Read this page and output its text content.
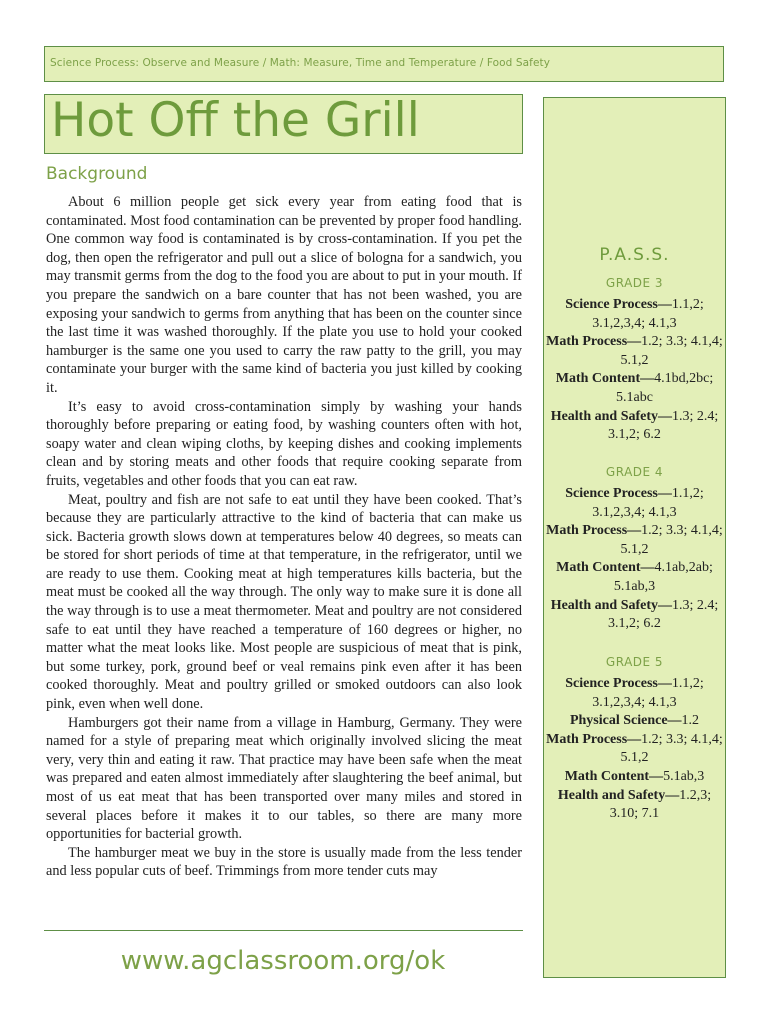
Science Process: Observe and Measure / Math: Measure, Time and Temperature / Food Safety
Hot Off the Grill
Background

About 6 million people get sick every year from eating food that is contaminated. Most food contamination can be prevented by proper food handling. One common way food is contaminated is by cross-contamination. If you pet the dog, then open the refrigerator and pull out a slice of bologna for a sandwich, you may transmit germs from the dog to the food you are about to put in your mouth. If you prepare the sandwich on a bare counter that has not been washed, you are exposing your sandwich to germs from anything that has been on the counter since the last time it was washed thoroughly. If the plate you use to hold your cooked hamburger is the same one you used to carry the raw patty to the grill, you may contaminate your burger with the same kind of bacteria you just killed by cooking it.

It’s easy to avoid cross-contamination simply by washing your hands thoroughly before preparing or eating food, by washing counters often with hot, soapy water and clean wiping cloths, by keeping dishes and cooking implements clean and by storing meats and other foods that require cooking separate from fruits, vegetables and other foods that you can eat raw.

Meat, poultry and fish are not safe to eat until they have been cooked. That’s because they are particularly attractive to the kind of bacteria that can make us sick. Bacteria growth slows down at temperatures below 40 degrees, so meats can be stored for short periods of time at that temperature, in the refrigerator, until we are ready to use them. Cooking meat at high temperatures kills bacteria, but the meat must be cooked all the way through. The only way to make sure it is done all the way through is to use a meat thermometer. Meat and poultry are not considered safe to eat until they have reached a temperature of 160 degrees or higher, no matter what the meat looks like. Most people are suspicious of meat that is pink, but some turkey, pork, ground beef or veal remains pink even after it has been cooked thoroughly. Meat and poultry grilled or smoked outdoors can also look pink, even when well done.

Hamburgers got their name from a village in Hamburg, Germany. They were named for a style of preparing meat which originally involved slicing the meat very, very thin and eating it raw. That practice may have been safe when the meat was prepared and eaten almost immediately after slaughtering the beef animal, but most of us eat meat that has been transported over many miles and stored in several places before it makes it to our tables, so there are many more opportunities for bacterial growth.

The hamburger meat we buy in the store is usually made from the less tender and less popular cuts of beef. Trimmings from more tender cuts may

www.agclassroom.org/ok
P.A.S.S.
GRADE 3
Science Process—1.1,2; 3.1,2,3,4; 4.1,3
Math Process—1.2; 3.3; 4.1,4; 5.1,2
Math Content—4.1bd,2bc; 5.1abc
Health and Safety—1.3; 2.4; 3.1,2; 6.2
GRADE 4
Science Process—1.1,2; 3.1,2,3,4; 4.1,3
Math Process—1.2; 3.3; 4.1,4; 5.1,2
Math Content—4.1ab,2ab; 5.1ab,3
Health and Safety—1.3; 2.4; 3.1,2; 6.2
GRADE 5
Science Process—1.1,2; 3.1,2,3,4; 4.1,3
Physical Science—1.2
Math Process—1.2; 3.3; 4.1,4; 5.1,2
Math Content—5.1ab,3
Health and Safety—1.2,3; 3.10; 7.1
